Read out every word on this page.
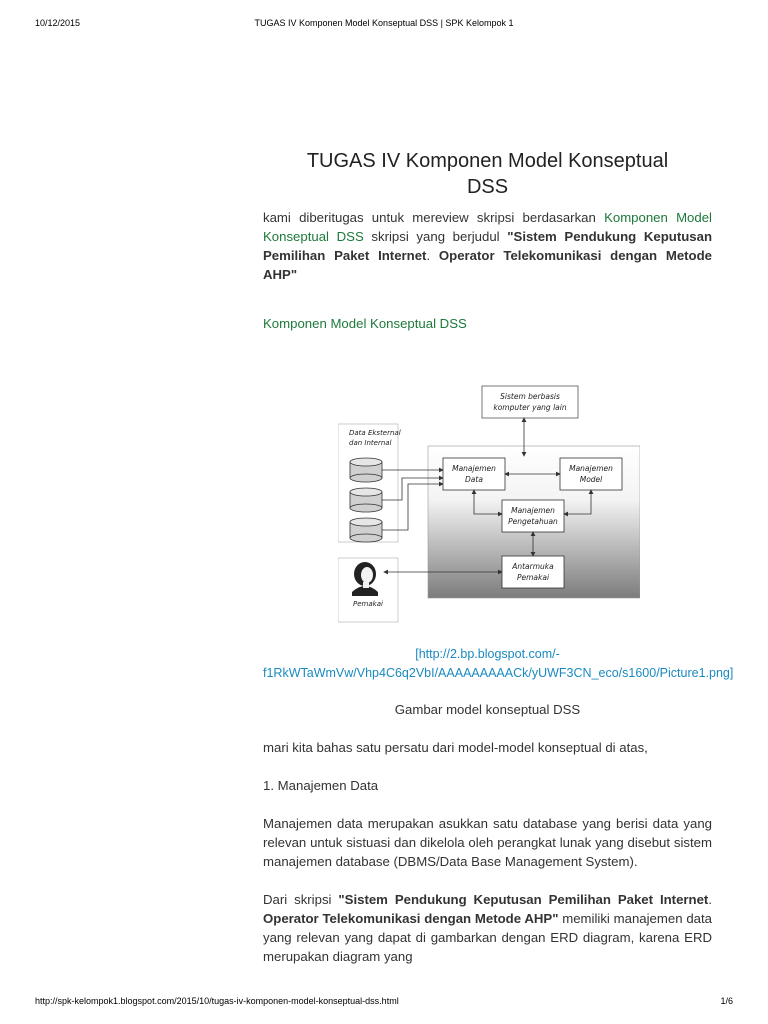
10/12/2015	TUGAS IV Komponen Model Konseptual DSS | SPK Kelompok 1
TUGAS IV Komponen Model Konseptual DSS

kami diberitugas untuk mereview skripsi berdasarkan Komponen Model Konseptual DSS skripsi yang berjudul "Sistem Pendukung Keputusan Pemilihan Paket Internet. Operator Telekomunikasi dengan Metode AHP"

Komponen Model Konseptual DSS
Sistem berbasis
komputer yang lain
Data Eksternal
dan Internal
Manajemen
Data
Manajemen
Model
Manajemen
Pengetahuan
Antarmuka
Pemakai
Pemakai
[http://2.bp.blogspot.com/-f1RkWTaWmVw/Vhp4C6q2VbI/AAAAAAAAACk/yUWF3CN_eco/s1600/Picture1.png]
Gambar model konseptual DSS

mari kita bahas satu persatu dari model-model konseptual di atas,

1. Manajemen Data

Manajemen data merupakan asukkan satu database yang berisi data yang relevan untuk sistuasi dan dikelola oleh perangkat lunak yang disebut sistem manajemen database (DBMS/Data Base Management System).

Dari skripsi "Sistem Pendukung Keputusan Pemilihan Paket Internet. Operator Telekomunikasi dengan Metode AHP" memiliki manajemen data yang relevan yang dapat di gambarkan dengan ERD diagram, karena ERD merupakan diagram yang

http://spk-kelompok1.blogspot.com/2015/10/tugas-iv-komponen-model-konseptual-dss.html	1/6
